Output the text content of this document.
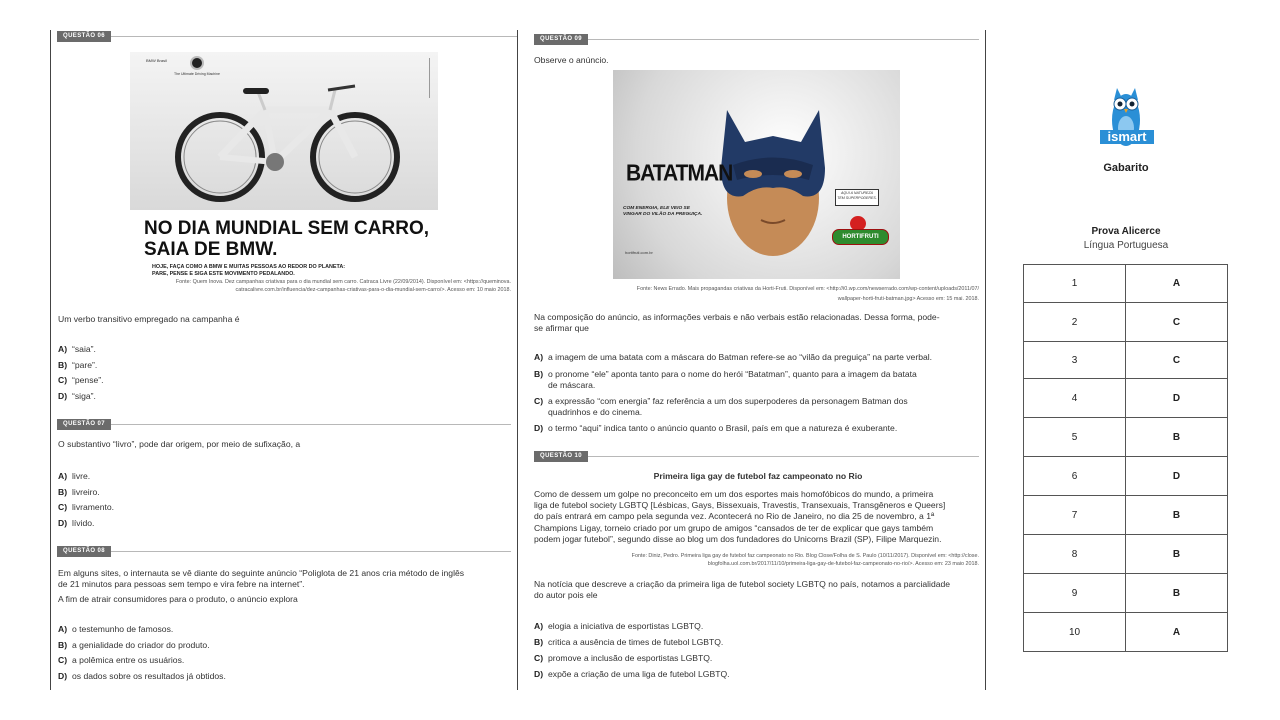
QUESTÃO 06
BMW Brasil
The Ultimate Driving Machine
NO DIA MUNDIAL SEM CARRO,
SAIA DE BMW.
HOJE, FAÇA COMO A BMW E MUITAS PESSOAS AO REDOR DO PLANETA:
PARE, PENSE E SIGA ESTE MOVIMENTO PEDALANDO.
Fonte: Quem Inova. Dez campanhas criativas para o dia mundial sem carro. Catraca Livre (22/09/2014). Disponível em: <https://queminova.
catracalivre.com.br/influencia/dez-campanhas-criativas-para-o-dia-mundial-sem-carro/>. Acesso em: 10 maio 2018.
Um verbo transitivo empregado na campanha é
A) “saia”.
B) “pare”.
C) “pense”.
D) “siga”.
QUESTÃO 07
O substantivo “livro”, pode dar origem, por meio de sufixação, a
A) livre.
B) livreiro.
C) livramento.
D) lívido.
QUESTÃO 08
Em alguns sites, o internauta se vê diante do seguinte anúncio “Poliglota de 21 anos cria método de inglês
de 21 minutos para pessoas sem tempo e vira febre na internet”.
A fim de atrair consumidores para o produto, o anúncio explora
A) o testemunho de famosos.
B) a genialidade do criador do produto.
C) a polêmica entre os usuários.
D) os dados sobre os resultados já obtidos.
QUESTÃO 09
Observe o anúncio.
BATATMAN
COM ENERGIA, ELE VEIO SE
VINGAR DO VILÃO DA PREGUIÇA.
hortifruti.com.br
AQUI A NATUREZA TEM SUPERPODERES.
HORTIFRUTI
Fonte: News Errado. Mais propagandas criativas da Horti-Fruti. Disponível em: <http://i0.wp.com/newserrado.com/wp-content/uploads/2011/07/
wallpaper-horti-fruti-batman.jpg> Acesso em: 15 mai. 2018.
Na composição do anúncio, as informações verbais e não verbais estão relacionadas. Dessa forma, pode-
se afirmar que
A) a imagem de uma batata com a máscara do Batman refere-se ao “vilão da preguiça” na parte verbal.
B) o pronome “ele” aponta tanto para o nome do herói “Batatman”, quanto para a imagem da batata
de máscara.
C) a expressão “com energia” faz referência a um dos superpoderes da personagem Batman dos
quadrinhos e do cinema.
D) o termo “aqui” indica tanto o anúncio quanto o Brasil, país em que a natureza é exuberante.
QUESTÃO 10
Primeira liga gay de futebol faz campeonato no Rio
Como de dessem um golpe no preconceito em um dos esportes mais homofóbicos do mundo, a primeira
liga de futebol society LGBTQ [Lésbicas, Gays, Bissexuais, Travestis, Transexuais, Transgêneros e Queers]
do país entrará em campo pela segunda vez. Acontecerá no Rio de Janeiro, no dia 25 de novembro, a 1ª
Champions Ligay, torneio criado por um grupo de amigos “cansados de ter de explicar que gays também
podem jogar futebol”, segundo disse ao blog um dos fundadores do Unicorns Brazil (SP), Filipe Marquezin.
Fonte: Diniz, Pedro. Primeira liga gay de futebol faz campeonato no Rio. Blog Close/Folha de S. Paulo (10/11/2017). Disponível em: <http://close.
blogfolha.uol.com.br/2017/11/10/primeira-liga-gay-de-futebol-faz-campeonato-no-rio/>. Acesso em: 23 maio 2018.
Na notícia que descreve a criação da primeira liga de futebol society LGBTQ no país, notamos a parcialidade
do autor pois ele
A) elogia a iniciativa de esportistas LGBTQ.
B) critica a ausência de times de futebol LGBTQ.
C) promove a inclusão de esportistas LGBTQ.
D) expõe a criação de uma liga de futebol LGBTQ.
ismart
Gabarito
Prova Alicerce
Língua Portuguesa
1	A
2	C
3	C
4	D
5	B
6	D
7	B
8	B
9	B
10	A
